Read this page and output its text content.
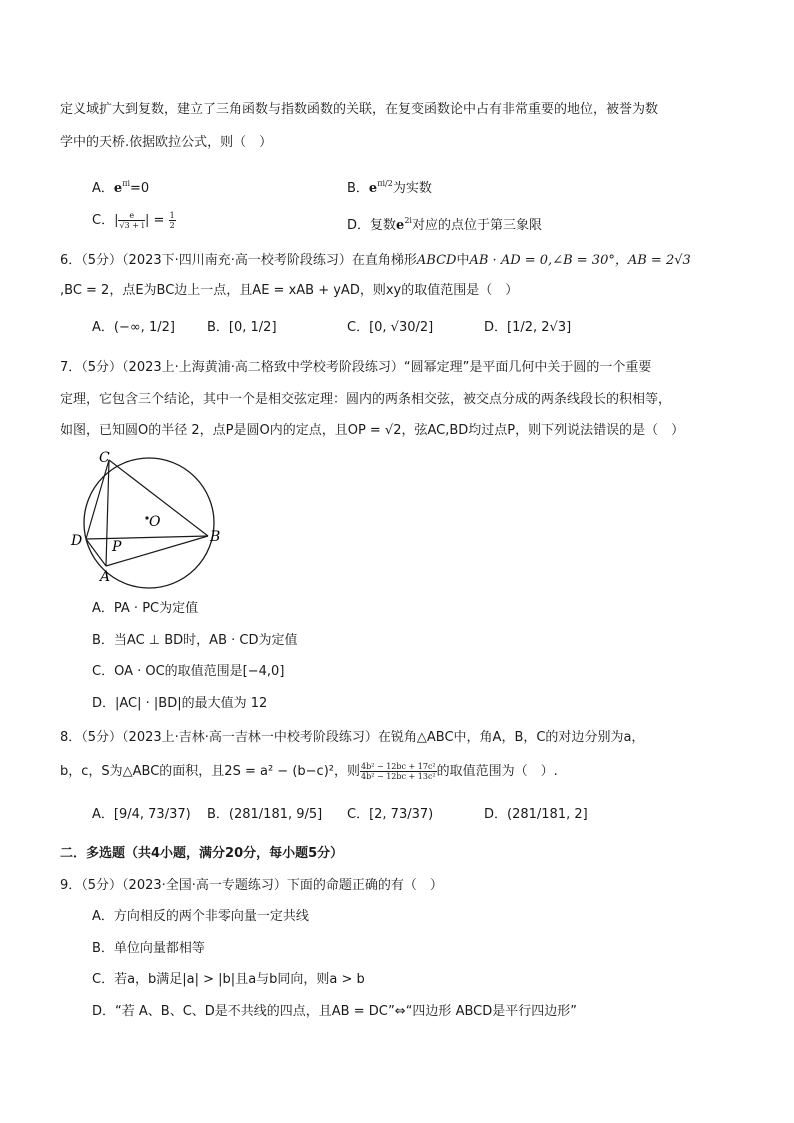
定义域扩大到复数，建立了三角函数与指数函数的关联，在复变函数论中占有非常重要的地位，被誉为数
学中的天桥.依据欧拉公式，则（　）
A．$e^{\pi i}=0$	B．$e^{\pi i/2}$为实数
C．| $\frac{e}{√3 + i}$ | = $\frac{1}{2}$	D．复数$e^{2i}$对应的点位于第三象限
6．（5分）（2023下·四川南充·高一校考阶段练习）在直角梯形ABCD中AB · AD = 0,∠B = 30°，AB = 2√3
,BC = 2，点E为BC边上一点，且AE = xAB + yAD，则xy的取值范围是（　）
A．(−∞, 1/2] B．[0, 1/2]	C．[0, √30/2]	D．[1/2, 2√3]
7．（5分）（2023上·上海黄浦·高二格致中学校考阶段练习）“圆幂定理”是平面几何中关于圆的一个重要
定理，它包含三个结论，其中一个是相交弦定理：圆内的两条相交弦，被交点分成的两条线段长的积相等，
如图，已知圆O的半径 2，点P是圆O内的定点，且OP = √2，弦AC,BD均过点P，则下列说法错误的是（　）
C
O
D P
B
A
A．PA · PC为定值
B．当AC ⊥ BD时，AB · CD为定值
C．OA · OC的取值范围是[−4,0]
D．|AC| · |BD|的最大值为 12
8．（5分）（2023上·吉林·高一吉林一中校考阶段练习）在锐角△ABC中，角A，B，C的对边分别为a，
b，c，S为△ABC的面积，且2S = a² − (b−c)²，则 $\frac{\text{4b² − 12bc + 17c²}}{\text{4b² − 12bc + 13c²}}$ 的取值范围为（　）.
A．[9/4, 73/37) B．(281/181, 9/5] C．[2, 73/37)	D．(281/181, 2]
二．多选题（共4小题，满分20分，每小题5分）
9．（5分）（2023·全国·高一专题练习）下面的命题正确的有（　）
A．方向相反的两个非零向量一定共线
B．单位向量都相等
C．若a，b满足|a| > |b|且a与b同向，则a > b
D．“若 A、B、C、D是不共线的四点，且AB = DC”⇔“四边形 ABCD是平行四边形”
